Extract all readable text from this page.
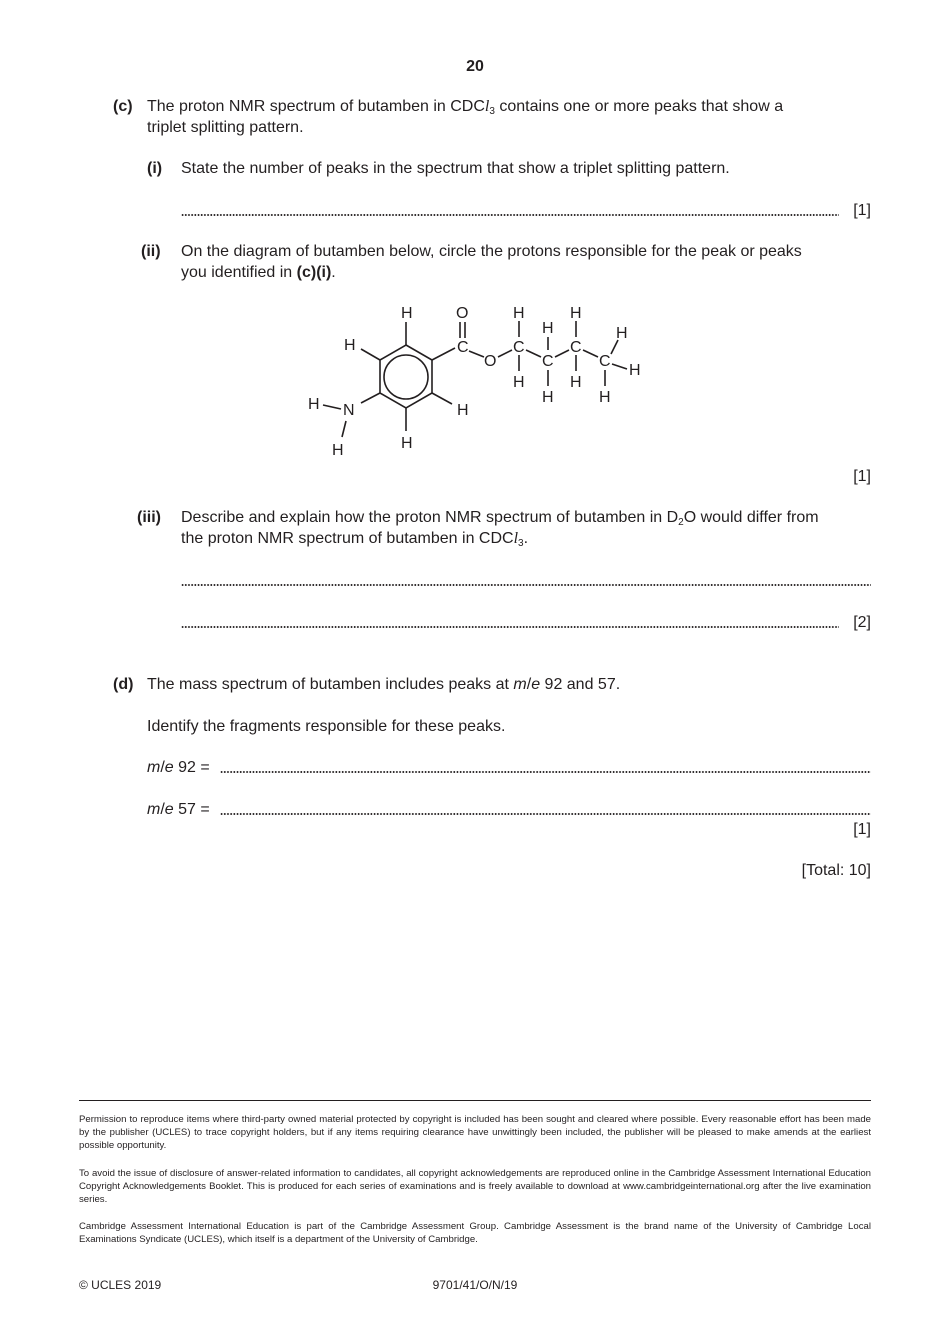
20
(c) The proton NMR spectrum of butamben in CDCl$_3$ contains one or more peaks that show a
triplet splitting pattern.
(i) State the number of peaks in the spectrum that show a triplet splitting pattern.
[1]
(ii) On the diagram of butamben below, circle the protons responsible for the peak or peaks
you identified in (c)(i).
H
H
H
H
N
H
H
O
C
O
C
C
C
C
H
H
H
H
H
H
H
H
H
[1]
(iii) Describe and explain how the proton NMR spectrum of butamben in $D_2O$ would differ from
the proton NMR spectrum of butamben in CDCl$_3$.
[2]
(d) The mass spectrum of butamben includes peaks at m/e 92 and 57.
Identify the fragments responsible for these peaks.
m/e 92 =
m/e 57 =
[1]
[Total: 10]
Permission to reproduce items where third-party owned material protected by copyright is included has been sought and cleared where possible. Every reasonable effort has been made by the publisher (UCLES) to trace copyright holders, but if any items requiring clearance have unwittingly been included, the publisher will be pleased to make amends at the earliest possible opportunity.
To avoid the issue of disclosure of answer-related information to candidates, all copyright acknowledgements are reproduced online in the Cambridge Assessment International Education Copyright Acknowledgements Booklet. This is produced for each series of examinations and is freely available to download at www.cambridgeinternational.org after the live examination series.
Cambridge Assessment International Education is part of the Cambridge Assessment Group. Cambridge Assessment is the brand name of the University of Cambridge Local Examinations Syndicate (UCLES), which itself is a department of the University of Cambridge.
© UCLES 2019	9701/41/O/N/19
